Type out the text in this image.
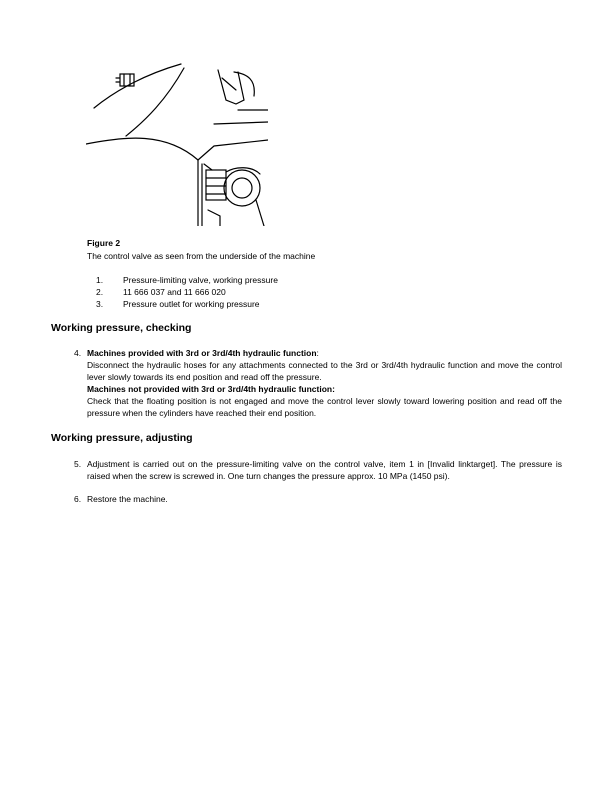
Figure 2
The control valve as seen from the underside of the machine
1.	Pressure-limiting valve, working pressure
2.	11 666 037 and 11 666 020
3.	Pressure outlet for working pressure
Working pressure, checking
4. Machines provided with 3rd or 3rd/4th hydraulic function:

Disconnect the hydraulic hoses for any attachments connected to the 3rd or 3rd/4th hydraulic function and move the control lever slowly towards its end position and read off the pressure.

Machines not provided with 3rd or 3rd/4th hydraulic function:

Check that the floating position is not engaged and move the control lever slowly toward lowering position and read off the pressure when the cylinders have reached their end position.

Working pressure, adjusting
5. Adjustment is carried out on the pressure-limiting valve on the control valve, item 1 in [Invalid linktarget]. The pressure is raised when the screw is screwed in. One turn changes the pressure approx. 10 MPa (1450 psi).

6. Restore the machine.
